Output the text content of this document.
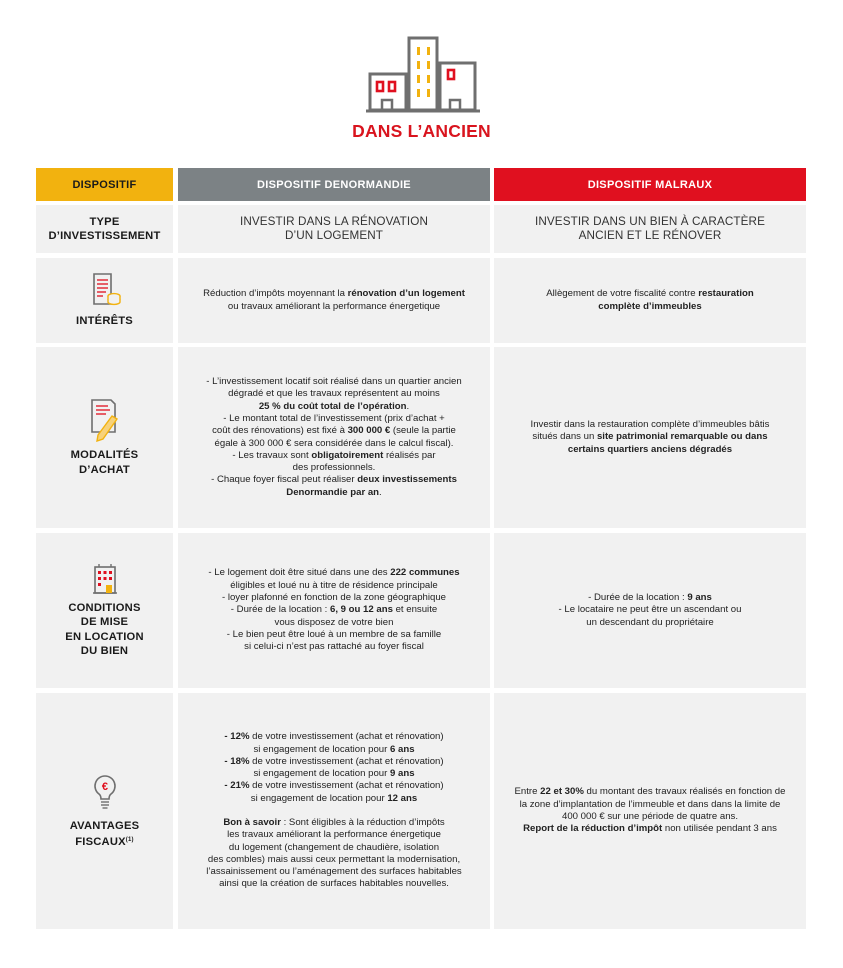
DANS L’ANCIEN
DISPOSITIF	DISPOSITIF DENORMANDIE	DISPOSITIF MALRAUX
TYPE
D’INVESTISSEMENT
INVESTIR DANS LA RÉNOVATION
D’UN LOGEMENT
INVESTIR DANS UN BIEN À CARACTÈRE
ANCIEN ET LE RÉNOVER
INTÉRÊTS
Réduction d’impôts moyennant la rénovation d’un logement
ou travaux améliorant la performance énergetique
Allègement de votre fiscalité contre restauration
complète d’immeubles
MODALITÉS
D’ACHAT
- L’investissement locatif soit réalisé dans un quartier ancien
dégradé et que les travaux représentent au moins
25 % du coût total de l’opération.
- Le montant total de l’investissement (prix d’achat +
coût des rénovations) est fixé à 300 000 € (seule la partie
égale à 300 000 € sera considérée dans le calcul fiscal).
- Les travaux sont obligatoirement réalisés par
des professionnels.
- Chaque foyer fiscal peut réaliser deux investissements
Denormandie par an.
Investir dans la restauration complète d’immeubles bâtis
situés dans un site patrimonial remarquable ou dans
certains quartiers anciens dégradés
CONDITIONS
DE MISE
EN LOCATION
DU BIEN
- Le logement doit être situé dans une des 222 communes
éligibles et loué nu à titre de résidence principale
- loyer plafonné en fonction de la zone géographique
- Durée de la location : 6, 9 ou 12 ans et ensuite
vous disposez de votre bien
- Le bien peut être loué à un membre de sa famille
si celui-ci n’est pas rattaché au foyer fiscal
- Durée de la location : 9 ans
- Le locataire ne peut être un ascendant ou
un descendant du propriétaire
€
AVANTAGES
FISCAUX$^{(1)}$
- 12% de votre investissement (achat et rénovation)
si engagement de location pour 6 ans
- 18% de votre investissement (achat et rénovation)
si engagement de location pour 9 ans
- 21% de votre investissement (achat et rénovation)
si engagement de location pour 12 ans
Bon à savoir : Sont éligibles à la réduction d’impôts
les travaux améliorant la performance énergetique
du logement (changement de chaudière, isolation
des combles) mais aussi ceux permettant la modernisation,
l’assainissement ou l’aménagement des surfaces habitables
ainsi que la création de surfaces habitables nouvelles.
Entre 22 et 30% du montant des travaux réalisés en fonction de
la zone d’implantation de l’immeuble et dans dans la limite de
400 000 € sur une période de quatre ans.
Report de la réduction d’impôt non utilisée pendant 3 ans
